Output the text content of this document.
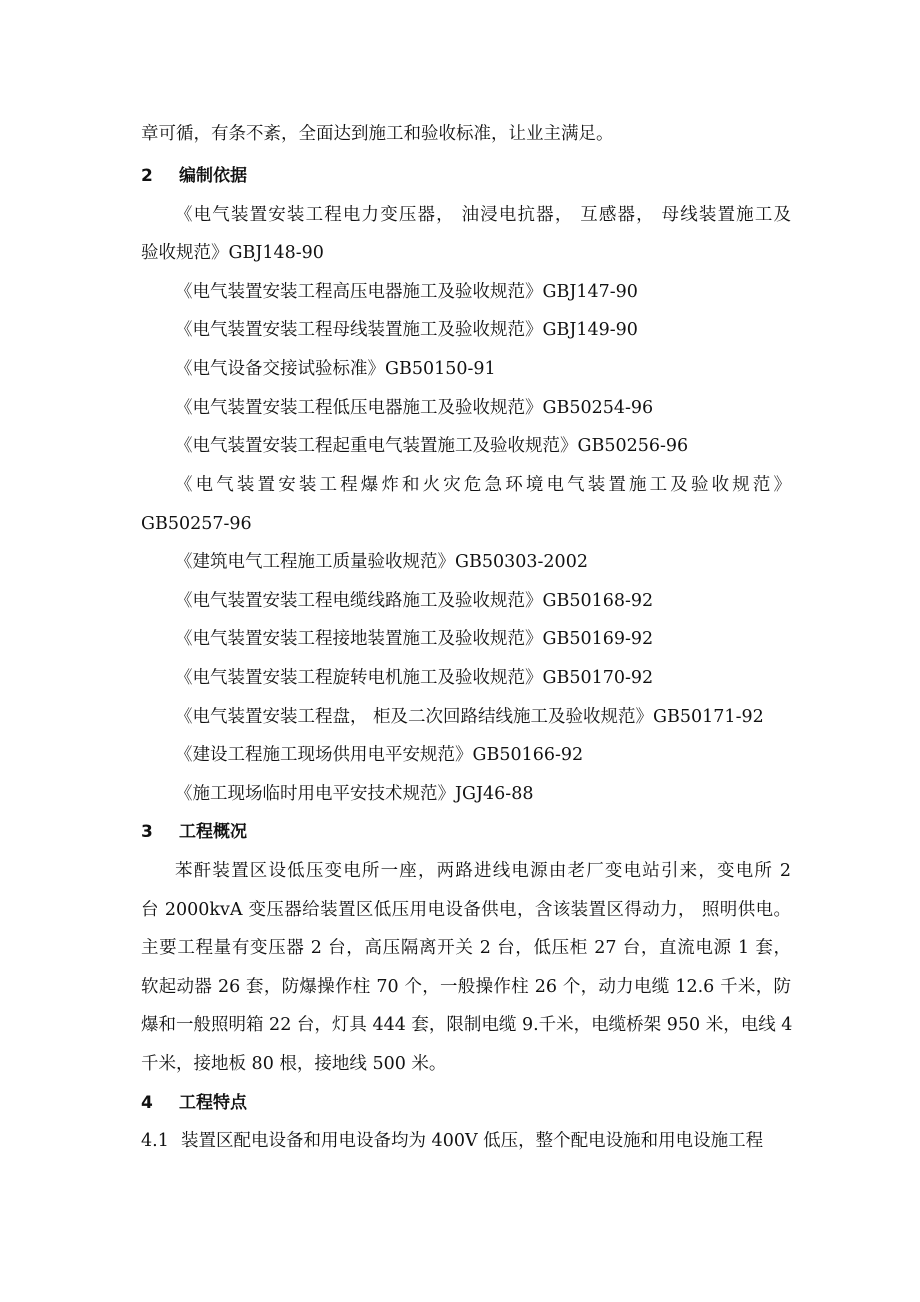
章可循，有条不紊，全面达到施工和验收标准，让业主满足。
2 编制依据
《电气装置安装工程电力变压器， 油浸电抗器， 互感器， 母线装置施工及
验收规范》GBJ148-90
《电气装置安装工程高压电器施工及验收规范》GBJ147-90
《电气装置安装工程母线装置施工及验收规范》GBJ149-90
《电气设备交接试验标准》GB50150-91
《电气装置安装工程低压电器施工及验收规范》GB50254-96
《电气装置安装工程起重电气装置施工及验收规范》GB50256-96
《电气装置安装工程爆炸和火灾危急环境电气装置施工及验收规范》
GB50257-96
《建筑电气工程施工质量验收规范》GB50303-2002
《电气装置安装工程电缆线路施工及验收规范》GB50168-92
《电气装置安装工程接地装置施工及验收规范》GB50169-92
《电气装置安装工程旋转电机施工及验收规范》GB50170-92
《电气装置安装工程盘， 柜及二次回路结线施工及验收规范》GB50171-92
《建设工程施工现场供用电平安规范》GB50166-92
《施工现场临时用电平安技术规范》JGJ46-88
3 工程概况
苯酐装置区设低压变电所一座，两路进线电源由老厂变电站引来，变电所 2
台 2000kvA 变压器给装置区低压用电设备供电，含该装置区得动力， 照明供电。
主要工程量有变压器 2 台，高压隔离开关 2 台，低压柜 27 台，直流电源 1 套，
软起动器 26 套，防爆操作柱 70 个，一般操作柱 26 个，动力电缆 12.6 千米，防
爆和一般照明箱 22 台，灯具 444 套，限制电缆 9.千米，电缆桥架 950 米，电线 4
千米，接地板 80 根，接地线 500 米。
4 工程特点
4.1 装置区配电设备和用电设备均为 400V 低压，整个配电设施和用电设施工程
